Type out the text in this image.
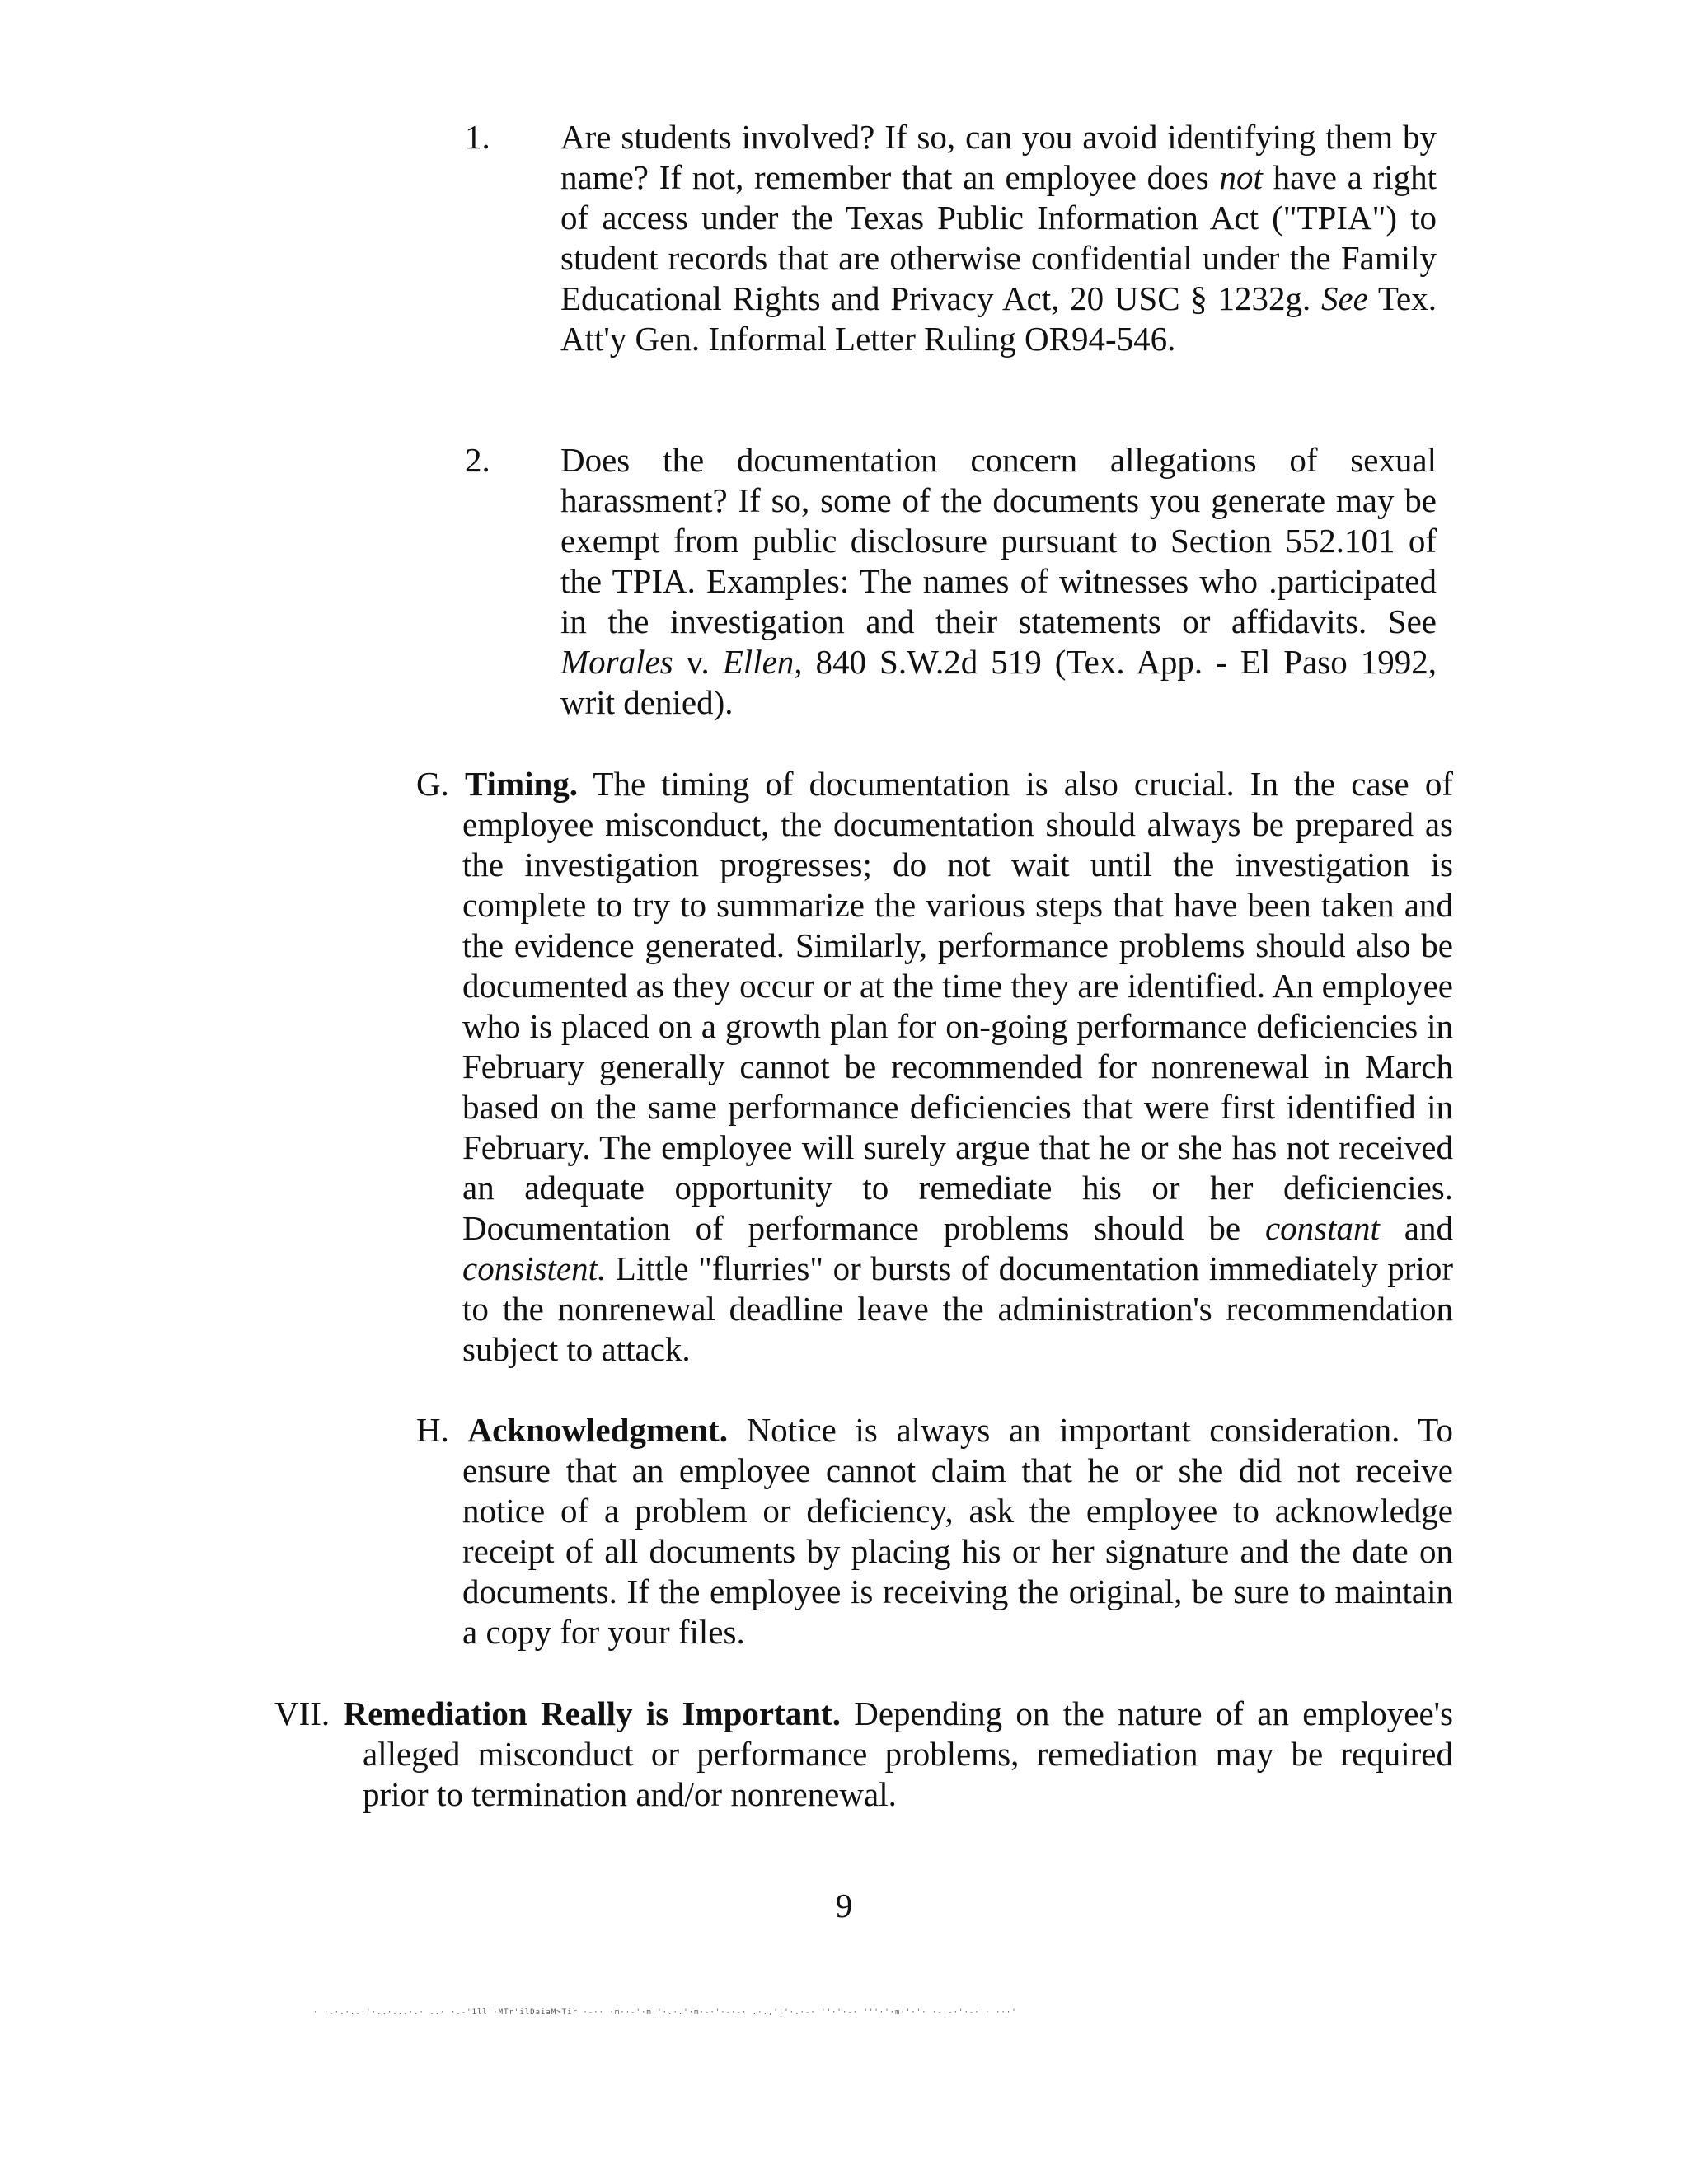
1. Are students involved? If so, can you avoid identifying them by name? If not, remember that an employee does not have a right of access under the Texas Public Information Act ("TPIA") to student records that are otherwise confidential under the Family Educational Rights and Privacy Act, 20 USC § 1232g. See Tex. Att'y Gen. Informal Letter Ruling OR94-546.

2. Does the documentation concern allegations of sexual harassment? If so, some of the documents you generate may be exempt from public disclosure pursuant to Section 552.101 of the TPIA. Examples: The names of witnesses who .participated in the investigation and their statements or affidavits. See Morales v. Ellen, 840 S.W.2d 519 (Tex. App. - El Paso 1992, writ denied).

G. Timing. The timing of documentation is also crucial. In the case of employee misconduct, the documentation should always be prepared as the investigation progresses; do not wait until the investigation is complete to try to summarize the various steps that have been taken and the evidence generated. Similarly, performance problems should also be documented as they occur or at the time they are identified. An employee who is placed on a growth plan for on-going performance deficiencies in February generally cannot be recommended for nonrenewal in March based on the same performance deficiencies that were first identified in February. The employee will surely argue that he or she has not received an adequate opportunity to remediate his or her deficiencies. Documentation of performance problems should be constant and consistent. Little "flurries" or bursts of documentation immediately prior to the nonrenewal deadline leave the administration's recommendation subject to attack.

H. Acknowledgment. Notice is always an important consideration. To ensure that an employee cannot claim that he or she did not receive notice of a problem or deficiency, ask the employee to acknowledge receipt of all documents by placing his or her signature and the date on documents. If the employee is receiving the original, be sure to maintain a copy for your files.

VII. Remediation Really is Important. Depending on the nature of an employee's alleged misconduct or performance problems, remediation may be required prior to termination and/or nonrenewal.

9
· ·.·.·..·'·..·...·.· ..· ·.-'1ll'·MTr'ilDaiaM>Tir ·-·· ·m··-'·m·'·.·.'·m·-·'·-·-· .·.,'!'·.·-·'''·'·-· '''·'·m·'·'· ·-·-·'·-·'· ···'
